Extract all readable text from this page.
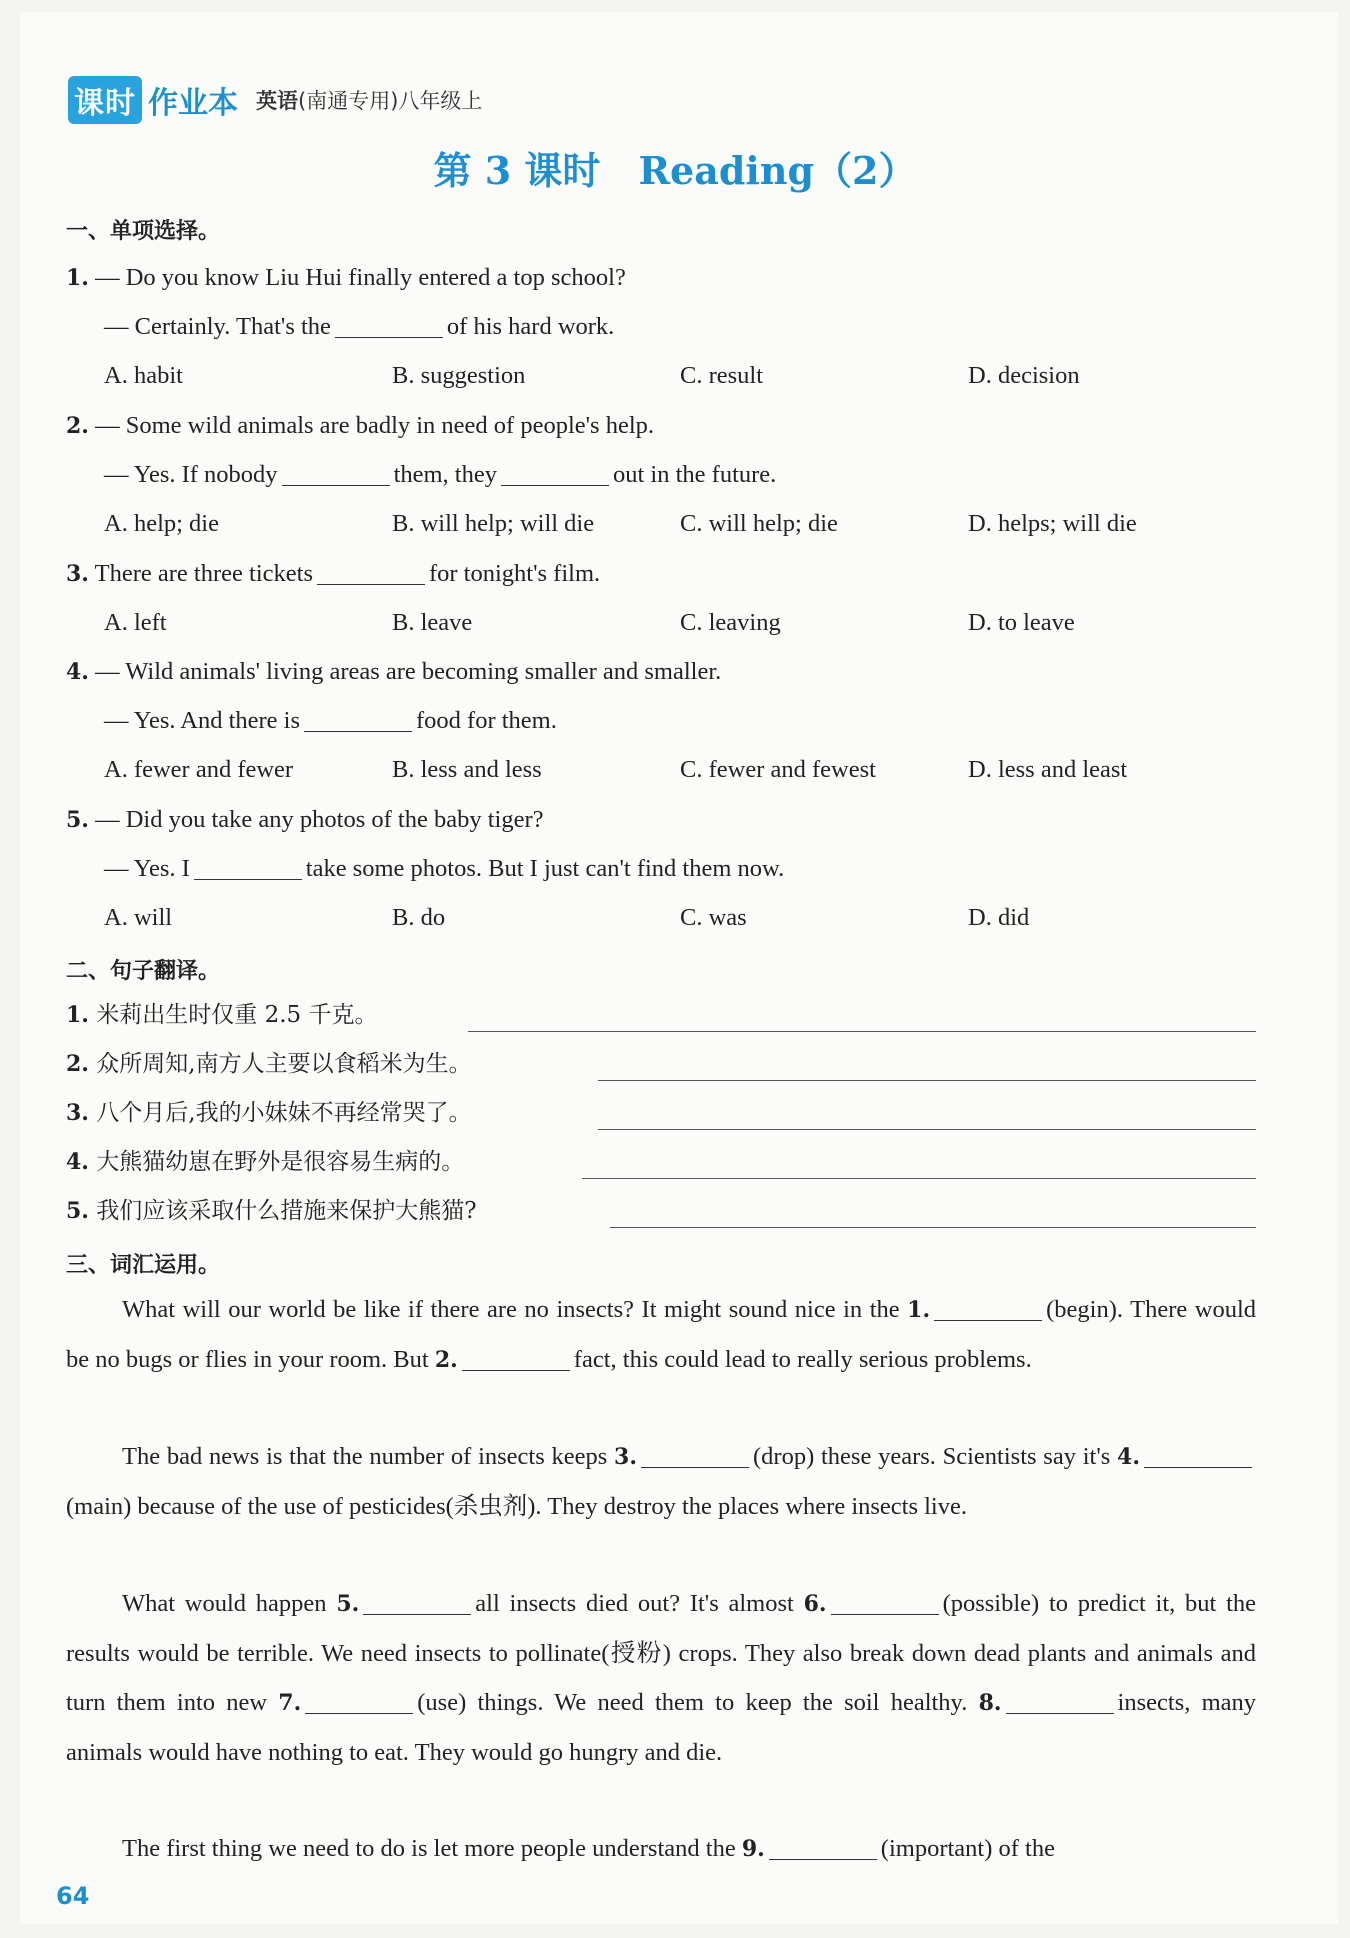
课时 作业本 英语(南通专用)八年级上
第 3 课时 Reading（2）
一、单项选择。
1. — Do you know Liu Hui finally entered a top school?
— Certainly. That's the	of his hard work.
A. habit	B. suggestion	C. result	D. decision
2. — Some wild animals are badly in need of people's help.
— Yes. If nobody	them, they	out in the future.
A. help; die	B. will help; will die	C. will help; die	D. helps; will die
3. There are three tickets	for tonight's film.
A. left	B. leave	C. leaving	D. to leave
4. — Wild animals' living areas are becoming smaller and smaller.
— Yes. And there is	food for them.
A. fewer and fewer	B. less and less	C. fewer and fewest	D. less and least
5. — Did you take any photos of the baby tiger?
— Yes. I	take some photos. But I just can't find them now.
A. will	B. do	C. was	D. did
二、句子翻译。
1. 米莉出生时仅重 2.5 千克。
2. 众所周知,南方人主要以食稻米为生。
3. 八个月后,我的小妹妹不再经常哭了。
4. 大熊猫幼崽在野外是很容易生病的。
5. 我们应该采取什么措施来保护大熊猫?
三、词汇运用。
What will our world be like if there are no insects? It might sound nice in the 1.	(begin). There would be no bugs or flies in your room. But 2.	fact, this could lead to really serious problems.
The bad news is that the number of insects keeps 3.	(drop) these years. Scientists say it's 4.(main) because of the use of pesticides(杀虫剂). They destroy the places where insects live.
What would happen 5.	all insects died out? It's almost 6.	(possible) to predict it, but the results would be terrible. We need insects to pollinate(授粉) crops. They also break down dead plants and animals and turn them into new 7.	(use) things. We need them to keep the soil healthy. 8.	insects, many animals would have nothing to eat. They would go hungry and die.
The first thing we need to do is let more people understand the 9.	(important) of the
64
